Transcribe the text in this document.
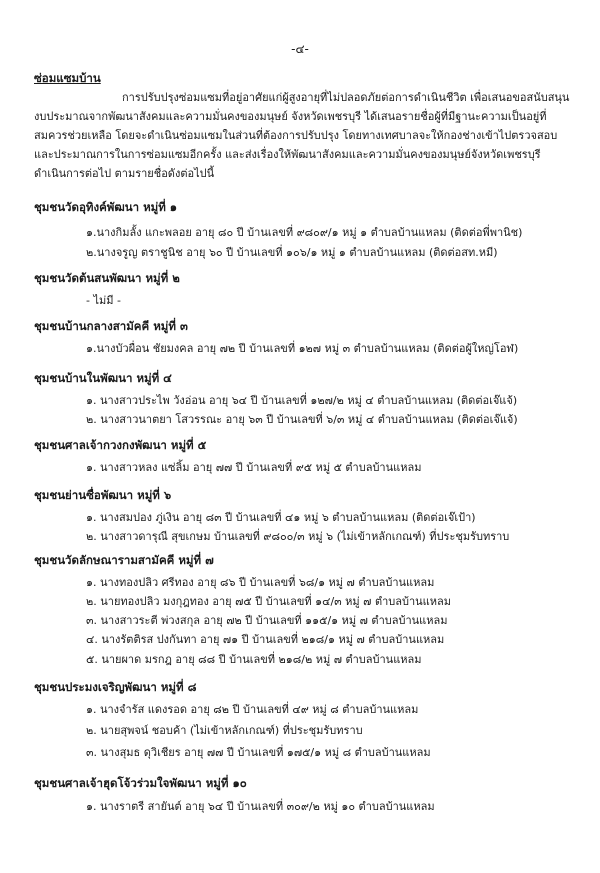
-๔-
ซ่อมแซมบ้าน
การปรับปรุงซ่อมแซมที่อยู่อาศัยแก่ผู้สูงอายุที่ไม่ปลอดภัยต่อการดำเนินชีวิต เพื่อเสนอขอสนับสนุนงบประมาณจากพัฒนาสังคมและความมั่นคงของมนุษย์ จังหวัดเพชรบุรี ได้เสนอรายชื่อผู้ที่มีฐานะความเป็นอยู่ที่สมควรช่วยเหลือ โดยจะดำเนินซ่อมแซมในส่วนที่ต้องการปรับปรุง โดยทางเทศบาลจะให้กองช่างเข้าไปตรวจสอบและประมาณการในการซ่อมแซมอีกครั้ง และส่งเรื่องให้พัฒนาสังคมและความมั่นคงของมนุษย์จังหวัดเพชรบุรี ดำเนินการต่อไป ตามรายชื่อดังต่อไปนี้
ชุมชนวัดอุทิงค์พัฒนา หมู่ที่ ๑
๑.นางกิมลั้ง แกะพลอย อายุ ๘๐ ปี บ้านเลขที่ ๙๘๐๙/๑ หมู่ ๑ ตำบลบ้านแหลม (ติดต่อพี่พานิช)
๒.นางจรูญ ตราชูนิช อายุ ๖๐ ปี บ้านเลขที่ ๑๐๖/๑ หมู่ ๑ ตำบลบ้านแหลม (ติดต่อสท.หมี)
ชุมชนวัดต้นสนพัฒนา หมู่ที่ ๒
- ไม่มี -
ชุมชนบ้านกลางสามัคคี หมู่ที่ ๓
๑.นางบัวผื่อน ชัยมงคล อายุ ๗๒ ปี บ้านเลขที่ ๑๒๗ หมู่ ๓ ตำบลบ้านแหลม (ติดต่อผู้ใหญ่โอฬ)
ชุมชนบ้านในพัฒนา หมู่ที่ ๔
๑. นางสาวประไพ วังอ่อน อายุ ๖๔ ปี บ้านเลขที่ ๑๒๗/๒ หมู่ ๔ ตำบลบ้านแหลม (ติดต่อเจ๊แจ้)
๒. นางสาวนาตยา โสวรรณะ อายุ ๖๓ ปี บ้านเลขที่ ๖/๓ หมู่ ๔ ตำบลบ้านแหลม (ติดต่อเจ๊แจ้)
ชุมชนศาลเจ้ากวงกงพัฒนา หมู่ที่ ๕
๑. นางสาวหลง แซ่ลิ้ม อายุ ๗๗ ปี บ้านเลขที่ ๙๕ หมู่ ๕ ตำบลบ้านแหลม
ชุมชนย่านซื่อพัฒนา หมู่ที่ ๖
๑. นางสมปอง ภู่เงิน อายุ ๘๓ ปี บ้านเลขที่ ๔๑ หมู่ ๖ ตำบลบ้านแหลม (ติดต่อเจ๊เป้า)
๒. นางสาวดารุณี สุขเกษม บ้านเลขที่ ๙๘๐๐/๓ หมู่ ๖ (ไม่เข้าหลักเกณฑ์) ที่ประชุมรับทราบ
ชุมชนวัดลักษณารามสามัคคี หมู่ที่ ๗
๑. นางทองปลิว ศรีทอง อายุ ๘๖ ปี บ้านเลขที่ ๖๘/๑ หมู่ ๗ ตำบลบ้านแหลม
๒. นายทองปลิว มงกุฎทอง อายุ ๗๕ ปี บ้านเลขที่ ๑๔/๓ หมู่ ๗ ตำบลบ้านแหลม
๓. นางสาวระตี พ่วงสกุล อายุ ๗๒ ปี บ้านเลขที่ ๑๑๕/๑ หมู่ ๗ ตำบลบ้านแหลม
๔. นางรัตติรส ปงกันทา อายุ ๗๑ ปี บ้านเลขที่ ๒๑๘/๑ หมู่ ๗ ตำบลบ้านแหลม
๕. นายผาด มรกฎ อายุ ๘๘ ปี บ้านเลขที่ ๒๑๘/๒ หมู่ ๗ ตำบลบ้านแหลม
ชุมชนประมงเจริญพัฒนา หมู่ที่ ๘
๑. นางจำรัส แดงรอด อายุ ๘๒ ปี บ้านเลขที่ ๔๙ หมู่ ๘ ตำบลบ้านแหลม
๒. นายสุพจน์ ชอบค้า (ไม่เข้าหลักเกณฑ์) ที่ประชุมรับทราบ
๓. นางสุมธ ดุวิเชียร อายุ ๗๗ ปี บ้านเลขที่ ๑๗๕/๑ หมู่ ๘ ตำบลบ้านแหลม
ชุมชนศาลเจ้าฮุดโจ้วร่วมใจพัฒนา หมู่ที่ ๑๐
๑. นางราตรี สายันต์ อายุ ๖๔ ปี บ้านเลขที่ ๓๐๙/๒ หมู่ ๑๐ ตำบลบ้านแหลม
